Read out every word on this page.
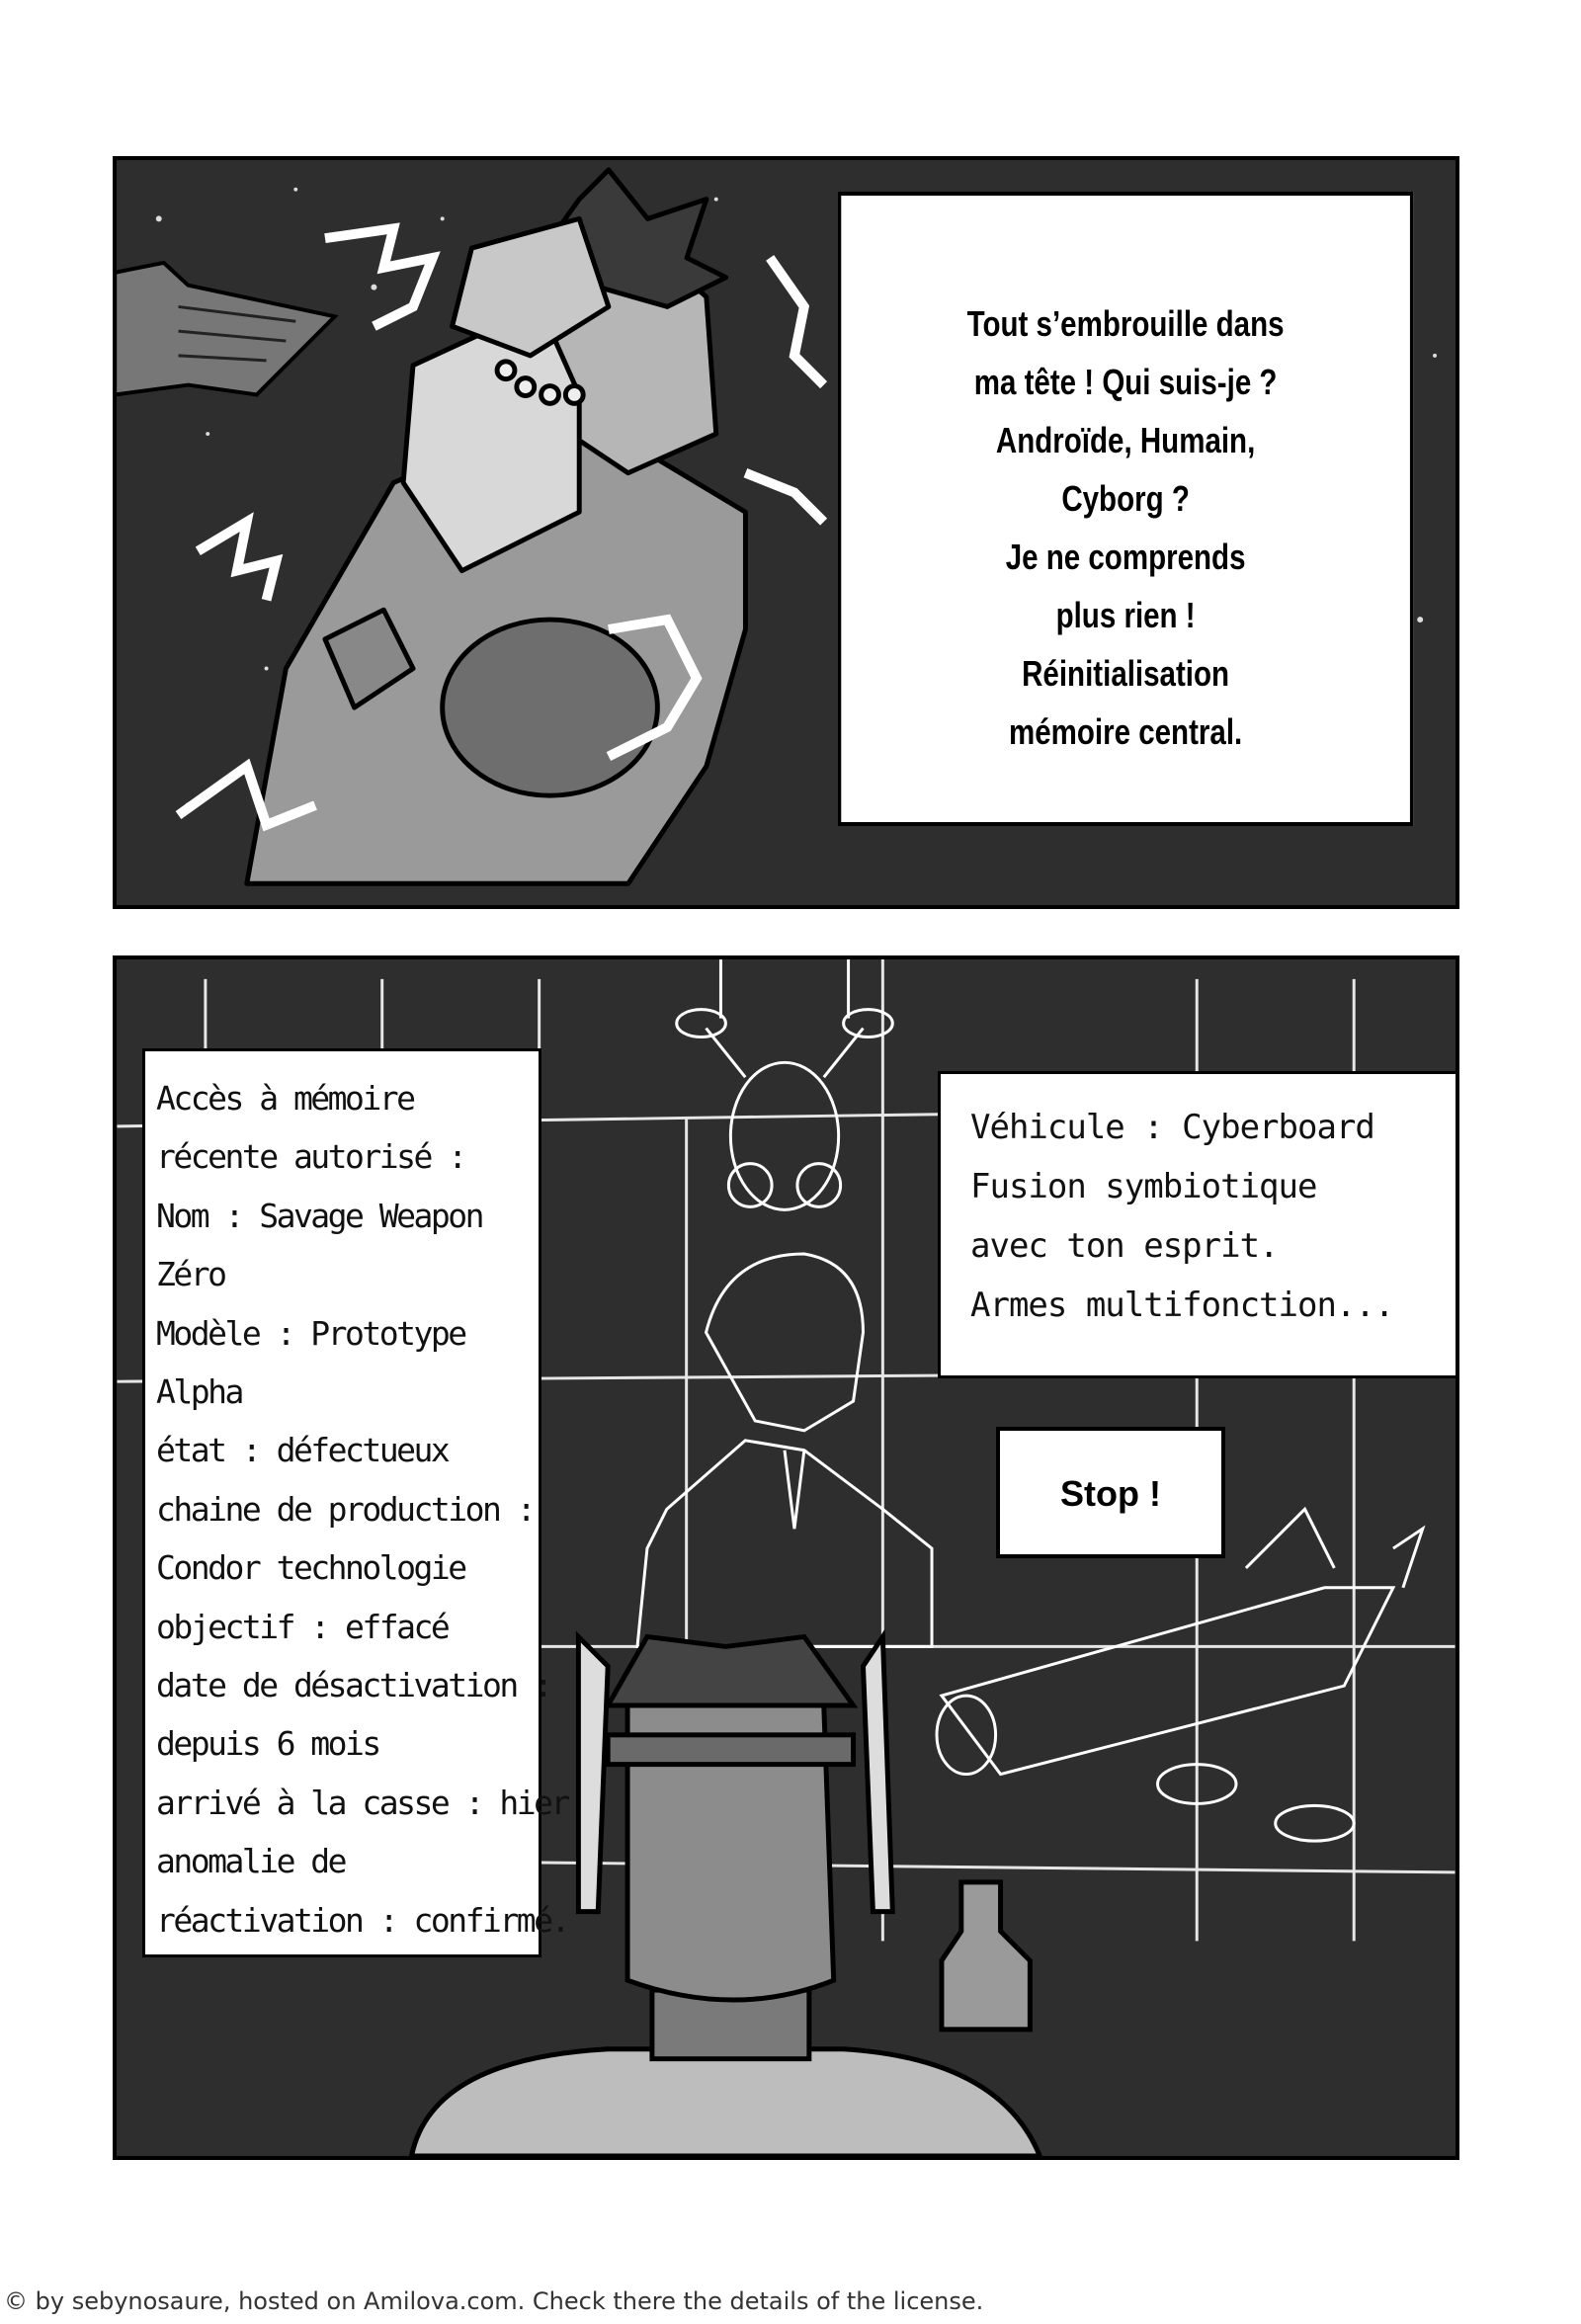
Tout s’embrouille dans
ma tête ! Qui suis-je ?
Androïde, Humain,
Cyborg ?
Je ne comprends
plus rien !
Réinitialisation
mémoire central.
Accès à mémoire
récente autorisé :
Nom : Savage Weapon
Zéro
Modèle : Prototype
Alpha
état : défectueux
chaine de production :
Condor technologie
objectif : effacé
date de désactivation :
depuis 6 mois
arrivé à la casse : hier
anomalie de
réactivation : confirmé.
Véhicule : Cyberboard
Fusion symbiotique
avec ton esprit.
Armes multifonction...
Stop !
© by sebynosaure, hosted on Amilova.com. Check there the details of the license.
